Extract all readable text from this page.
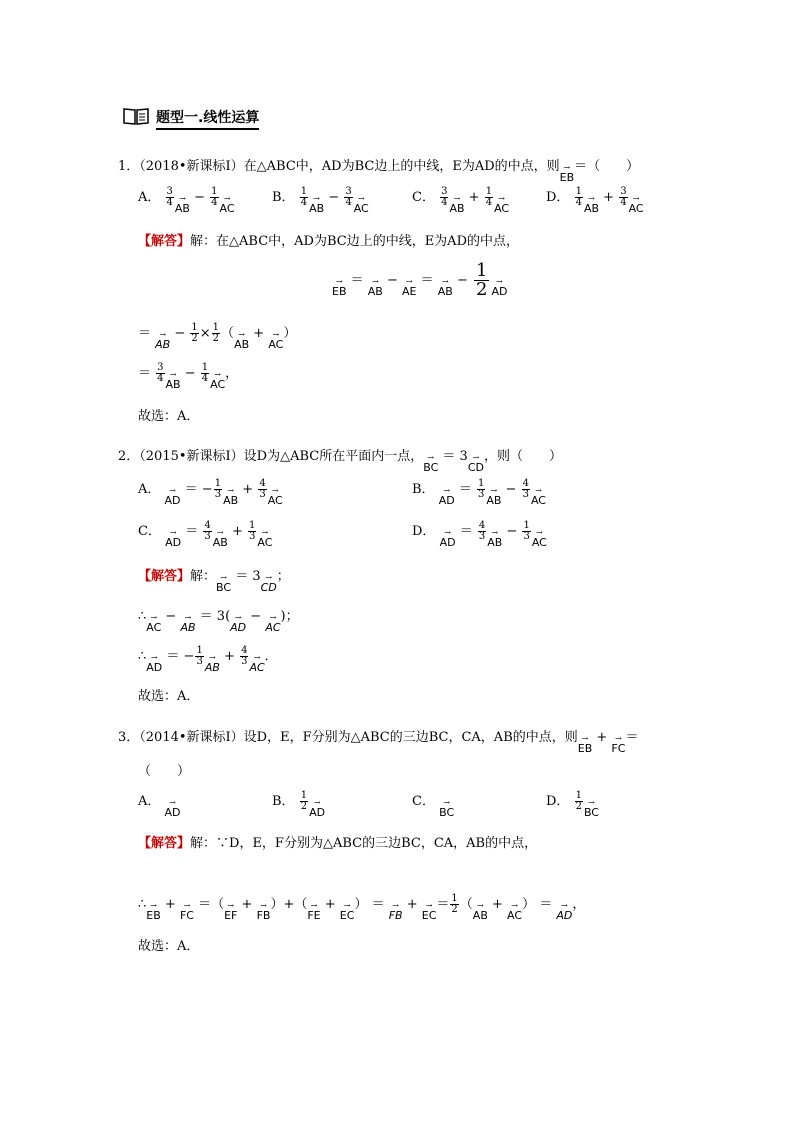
题型一.线性运算
1．（2018•新课标Ⅰ）在△ABC中，AD为BC边上的中线，E为AD的中点，则 →
EB
＝（　　）
A． $\frac{3}{4}$ →
AB
− $\frac{1}{4}$ →
AC
B． $\frac{1}{4}$ →
AB
− $\frac{3}{4}$ →
AC
C． $\frac{3}{4}$ →
AB
+ $\frac{1}{4}$ →
AC
D． $\frac{1}{4}$ →
AB
+ $\frac{3}{4}$ →
AC
【解答】解：在△ABC中，AD为BC边上的中线，E为AD的中点，
→
EB
＝ →
AB
− →
AE
＝ →
AB
− $\frac{1}{2}$ →
AD
＝ →
AB
− $\frac{1}{2} \times \frac{1}{2}$ （ →
AB
+ →
AC
）
＝ $\frac{3}{4}$ →
AB
− $\frac{1}{4}$ →
AC
，
故选：A．
2．（2015•新课标Ⅰ）设D为△ABC所在平面内一点， →
BC
＝ 3 →
CD
，则（　　）
A． →
AD
＝ − $\frac{1}{3}$ →
AB
+ $\frac{4}{3}$ →
AC
B． →
AD
＝ $\frac{1}{3}$ →
AB
− $\frac{4}{3}$ →
AC
C． →
AD
＝ $\frac{4}{3}$ →
AB
+ $\frac{1}{3}$ →
AC
D． →
AD
＝ $\frac{4}{3}$ →
AB
− $\frac{1}{3}$ →
AC
【解答】解： →
BC
＝ 3 →
CD
；
∴ →
AC
− →
AB
＝ 3( →
AD
− →
AC
)；
∴ →
AD
＝ − $\frac{1}{3}$ →
AB
+ $\frac{4}{3}$ →
AC
．
故选：A．
3．（2014•新课标Ⅰ）设D，E，F分别为△ABC的三边BC，CA，AB的中点，则 →
EB
+ →
FC
＝
（　　）
A． →
AD
B． $\frac{1}{2}$ →
AD
C． →
BC
D． $\frac{1}{2}$ →
BC
【解答】解：∵D，E，F分别为△ABC的三边BC，CA，AB的中点，
∴ →
EB
+ →
FC
＝（ →
EF
+ →
FB
）+（ →
FE
+ →
EC
） ＝ →
FB
+ →
EC
＝ $\frac{1}{2}$ （ →
AB
+ →
AC
） ＝ →
AD
，
故选：A．
